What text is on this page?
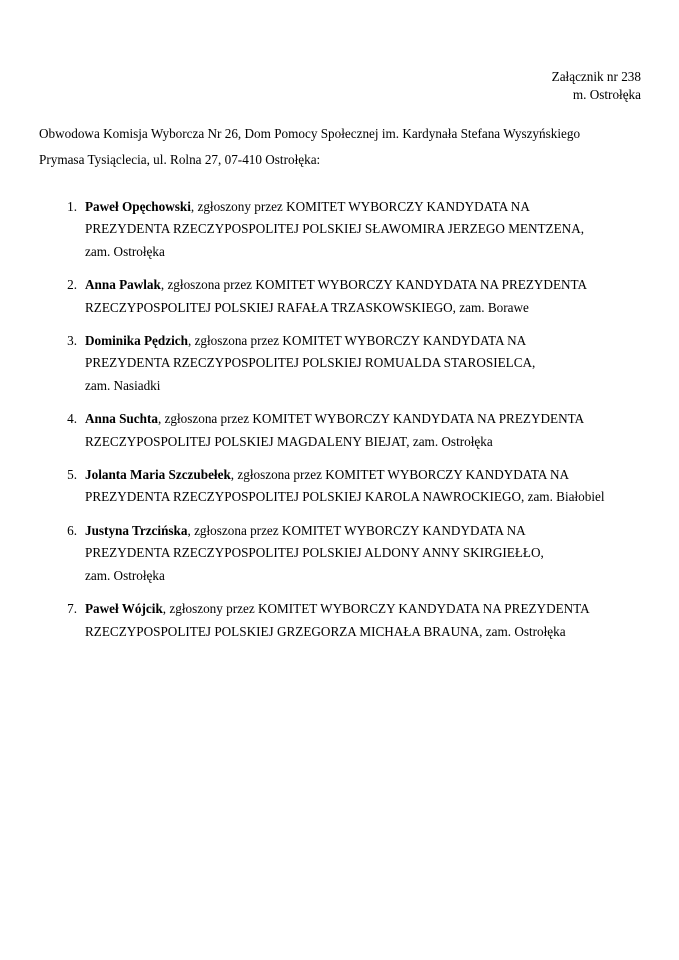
Załącznik nr 238
m. Ostrołęka
Obwodowa Komisja Wyborcza Nr 26, Dom Pomocy Społecznej im. Kardynała Stefana Wyszyńskiego
Prymasa Tysiąclecia, ul. Rolna 27, 07-410 Ostrołęka:
1. Paweł Opęchowski, zgłoszony przez KOMITET WYBORCZY KANDYDATA NA
PREZYDENTA RZECZYPOSPOLITEJ POLSKIEJ SŁAWOMIRA JERZEGO MENTZENA,
zam. Ostrołęka
2. Anna Pawlak, zgłoszona przez KOMITET WYBORCZY KANDYDATA NA PREZYDENTA
RZECZYPOSPOLITEJ POLSKIEJ RAFAŁA TRZASKOWSKIEGO, zam. Borawe
3. Dominika Pędzich, zgłoszona przez KOMITET WYBORCZY KANDYDATA NA
PREZYDENTA RZECZYPOSPOLITEJ POLSKIEJ ROMUALDA STAROSIELCA,
zam. Nasiadki
4. Anna Suchta, zgłoszona przez KOMITET WYBORCZY KANDYDATA NA PREZYDENTA
RZECZYPOSPOLITEJ POLSKIEJ MAGDALENY BIEJAT, zam. Ostrołęka
5. Jolanta Maria Szczubełek, zgłoszona przez KOMITET WYBORCZY KANDYDATA NA
PREZYDENTA RZECZYPOSPOLITEJ POLSKIEJ KAROLA NAWROCKIEGO, zam. Białobiel
6. Justyna Trzcińska, zgłoszona przez KOMITET WYBORCZY KANDYDATA NA
PREZYDENTA RZECZYPOSPOLITEJ POLSKIEJ ALDONY ANNY SKIRGIEŁŁO,
zam. Ostrołęka
7. Paweł Wójcik, zgłoszony przez KOMITET WYBORCZY KANDYDATA NA PREZYDENTA
RZECZYPOSPOLITEJ POLSKIEJ GRZEGORZA MICHAŁA BRAUNA, zam. Ostrołęka
